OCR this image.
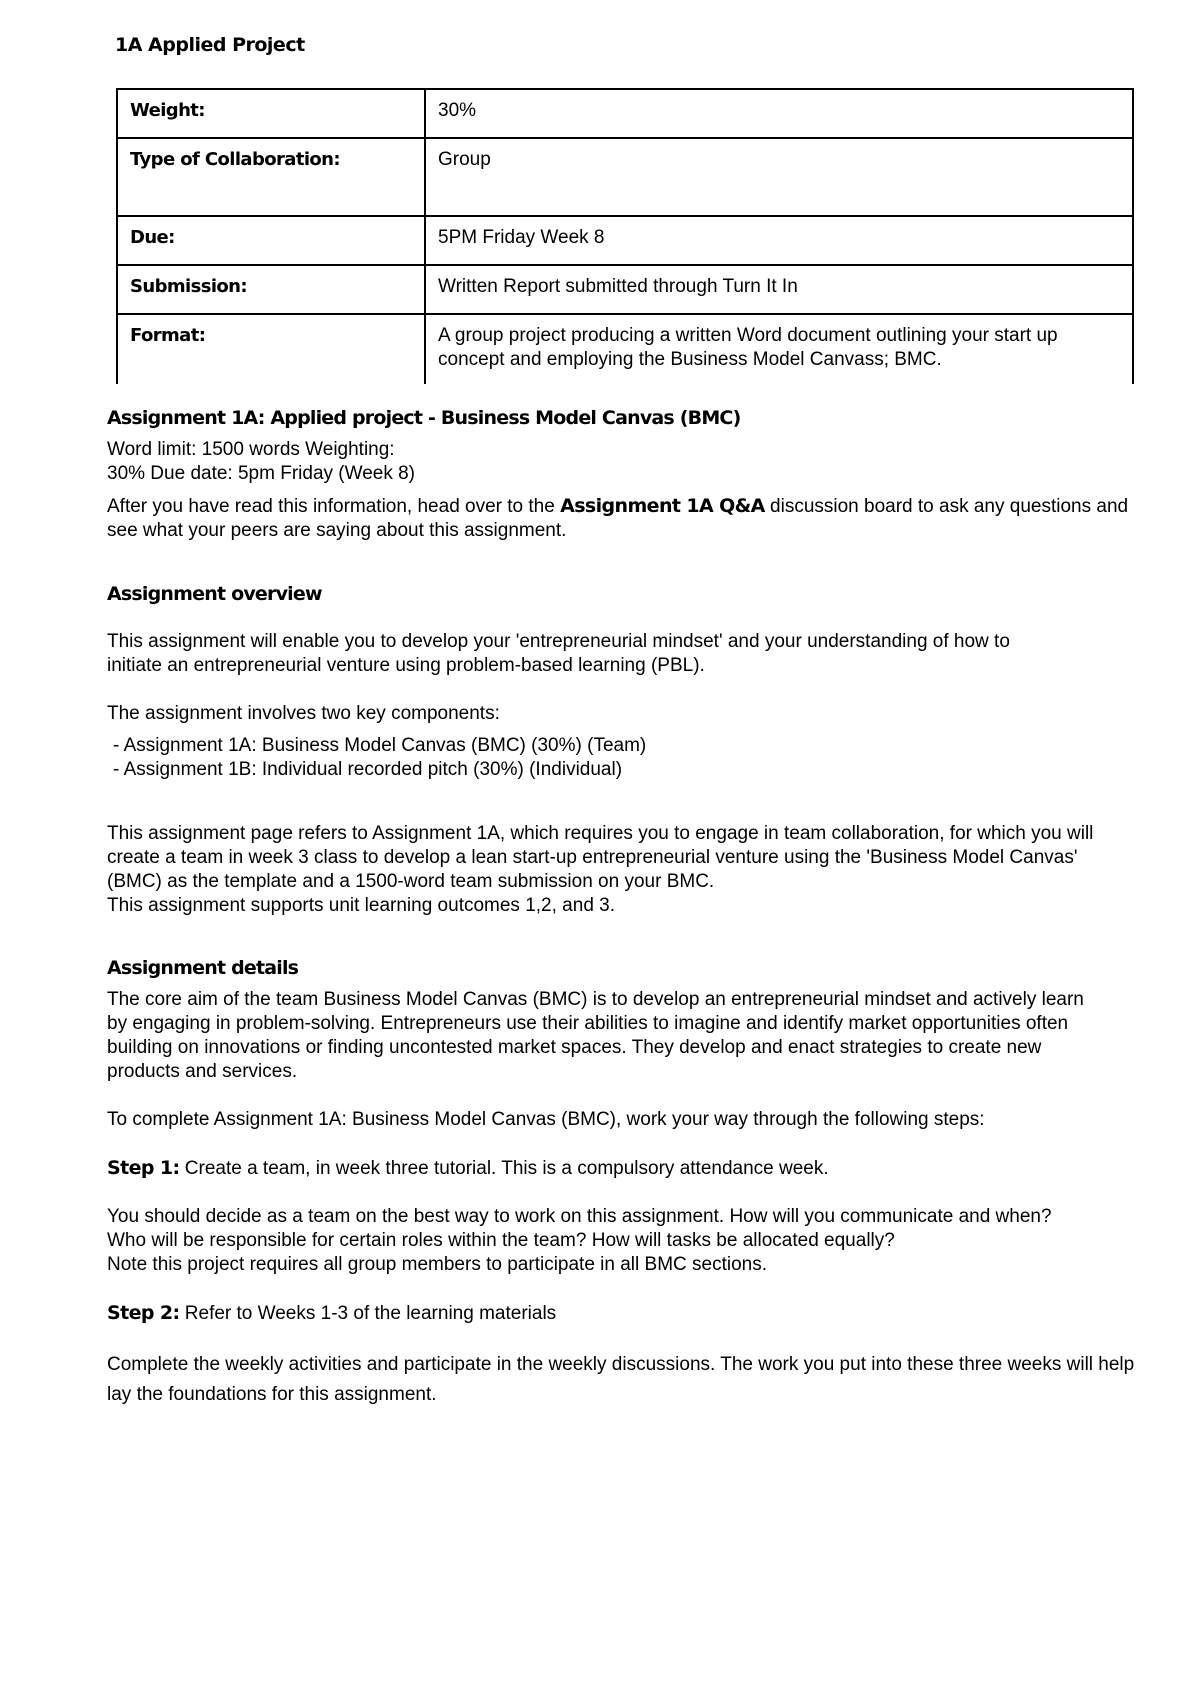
1A Applied Project
Weight:	30%
Type of Collaboration:	Group
Due:	5PM Friday Week 8
Submission:	Written Report submitted through Turn It In
Format:	A group project producing a written Word document outlining your start up concept and employing the Business Model Canvass; BMC.
Assignment 1A: Applied project - Business Model Canvas (BMC)
Word limit: 1500 words Weighting:
30% Due date: 5pm Friday (Week 8)
After you have read this information, head over to the Assignment 1A Q&A discussion board to ask any questions and see what your peers are saying about this assignment.
Assignment overview
This assignment will enable you to develop your 'entrepreneurial mindset' and your understanding of how to initiate an entrepreneurial venture using problem-based learning (PBL).
The assignment involves two key components:
- Assignment 1A: Business Model Canvas (BMC) (30%) (Team)
- Assignment 1B: Individual recorded pitch (30%) (Individual)
This assignment page refers to Assignment 1A, which requires you to engage in team collaboration, for which you will create a team in week 3 class to develop a lean start-up entrepreneurial venture using the 'Business Model Canvas' (BMC) as the template and a 1500-word team submission on your BMC.
This assignment supports unit learning outcomes 1,2, and 3.
Assignment details
The core aim of the team Business Model Canvas (BMC) is to develop an entrepreneurial mindset and actively learn by engaging in problem-solving. Entrepreneurs use their abilities to imagine and identify market opportunities often building on innovations or finding uncontested market spaces. They develop and enact strategies to create new products and services.
To complete Assignment 1A: Business Model Canvas (BMC), work your way through the following steps:
Step 1: Create a team, in week three tutorial. This is a compulsory attendance week.
You should decide as a team on the best way to work on this assignment. How will you communicate and when? Who will be responsible for certain roles within the team? How will tasks be allocated equally?
Note this project requires all group members to participate in all BMC sections.
Step 2: Refer to Weeks 1-3 of the learning materials
Complete the weekly activities and participate in the weekly discussions. The work you put into these three weeks will help lay the foundations for this assignment.
